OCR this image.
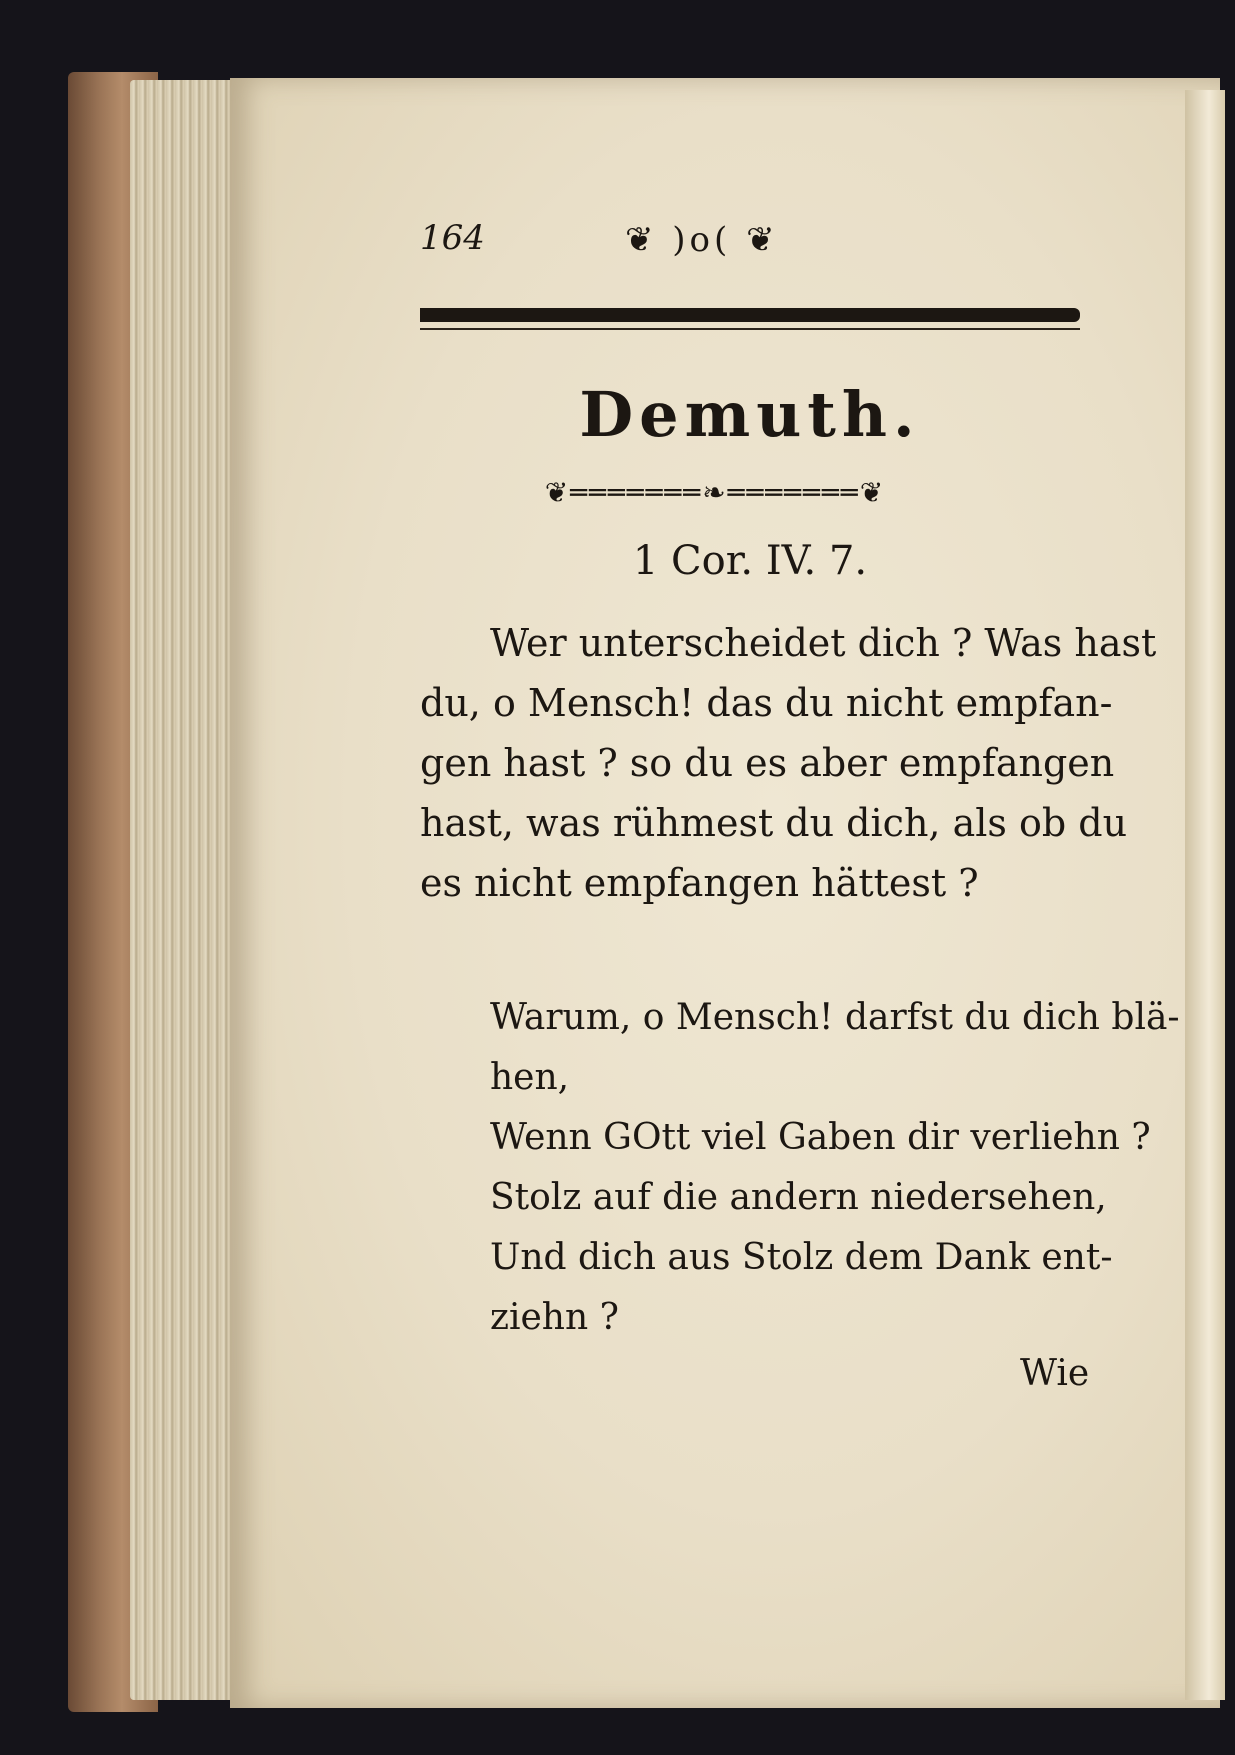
164	❦ )o( ❦
Demuth.
❦═══════❧═══════❦
1 Cor. IV. 7.
Wer unterscheidet dich ? Was hast
du, o Mensch! das du nicht empfan-
gen hast ? so du es aber empfangen
hast, was rühmest du dich, als ob du
es nicht empfangen hättest ?
Warum, o Mensch! darfst du dich blä-
hen,
Wenn GOtt viel Gaben dir verliehn ?
Stolz auf die andern niedersehen,
Und dich aus Stolz dem Dank ent-
ziehn ?
Wie
